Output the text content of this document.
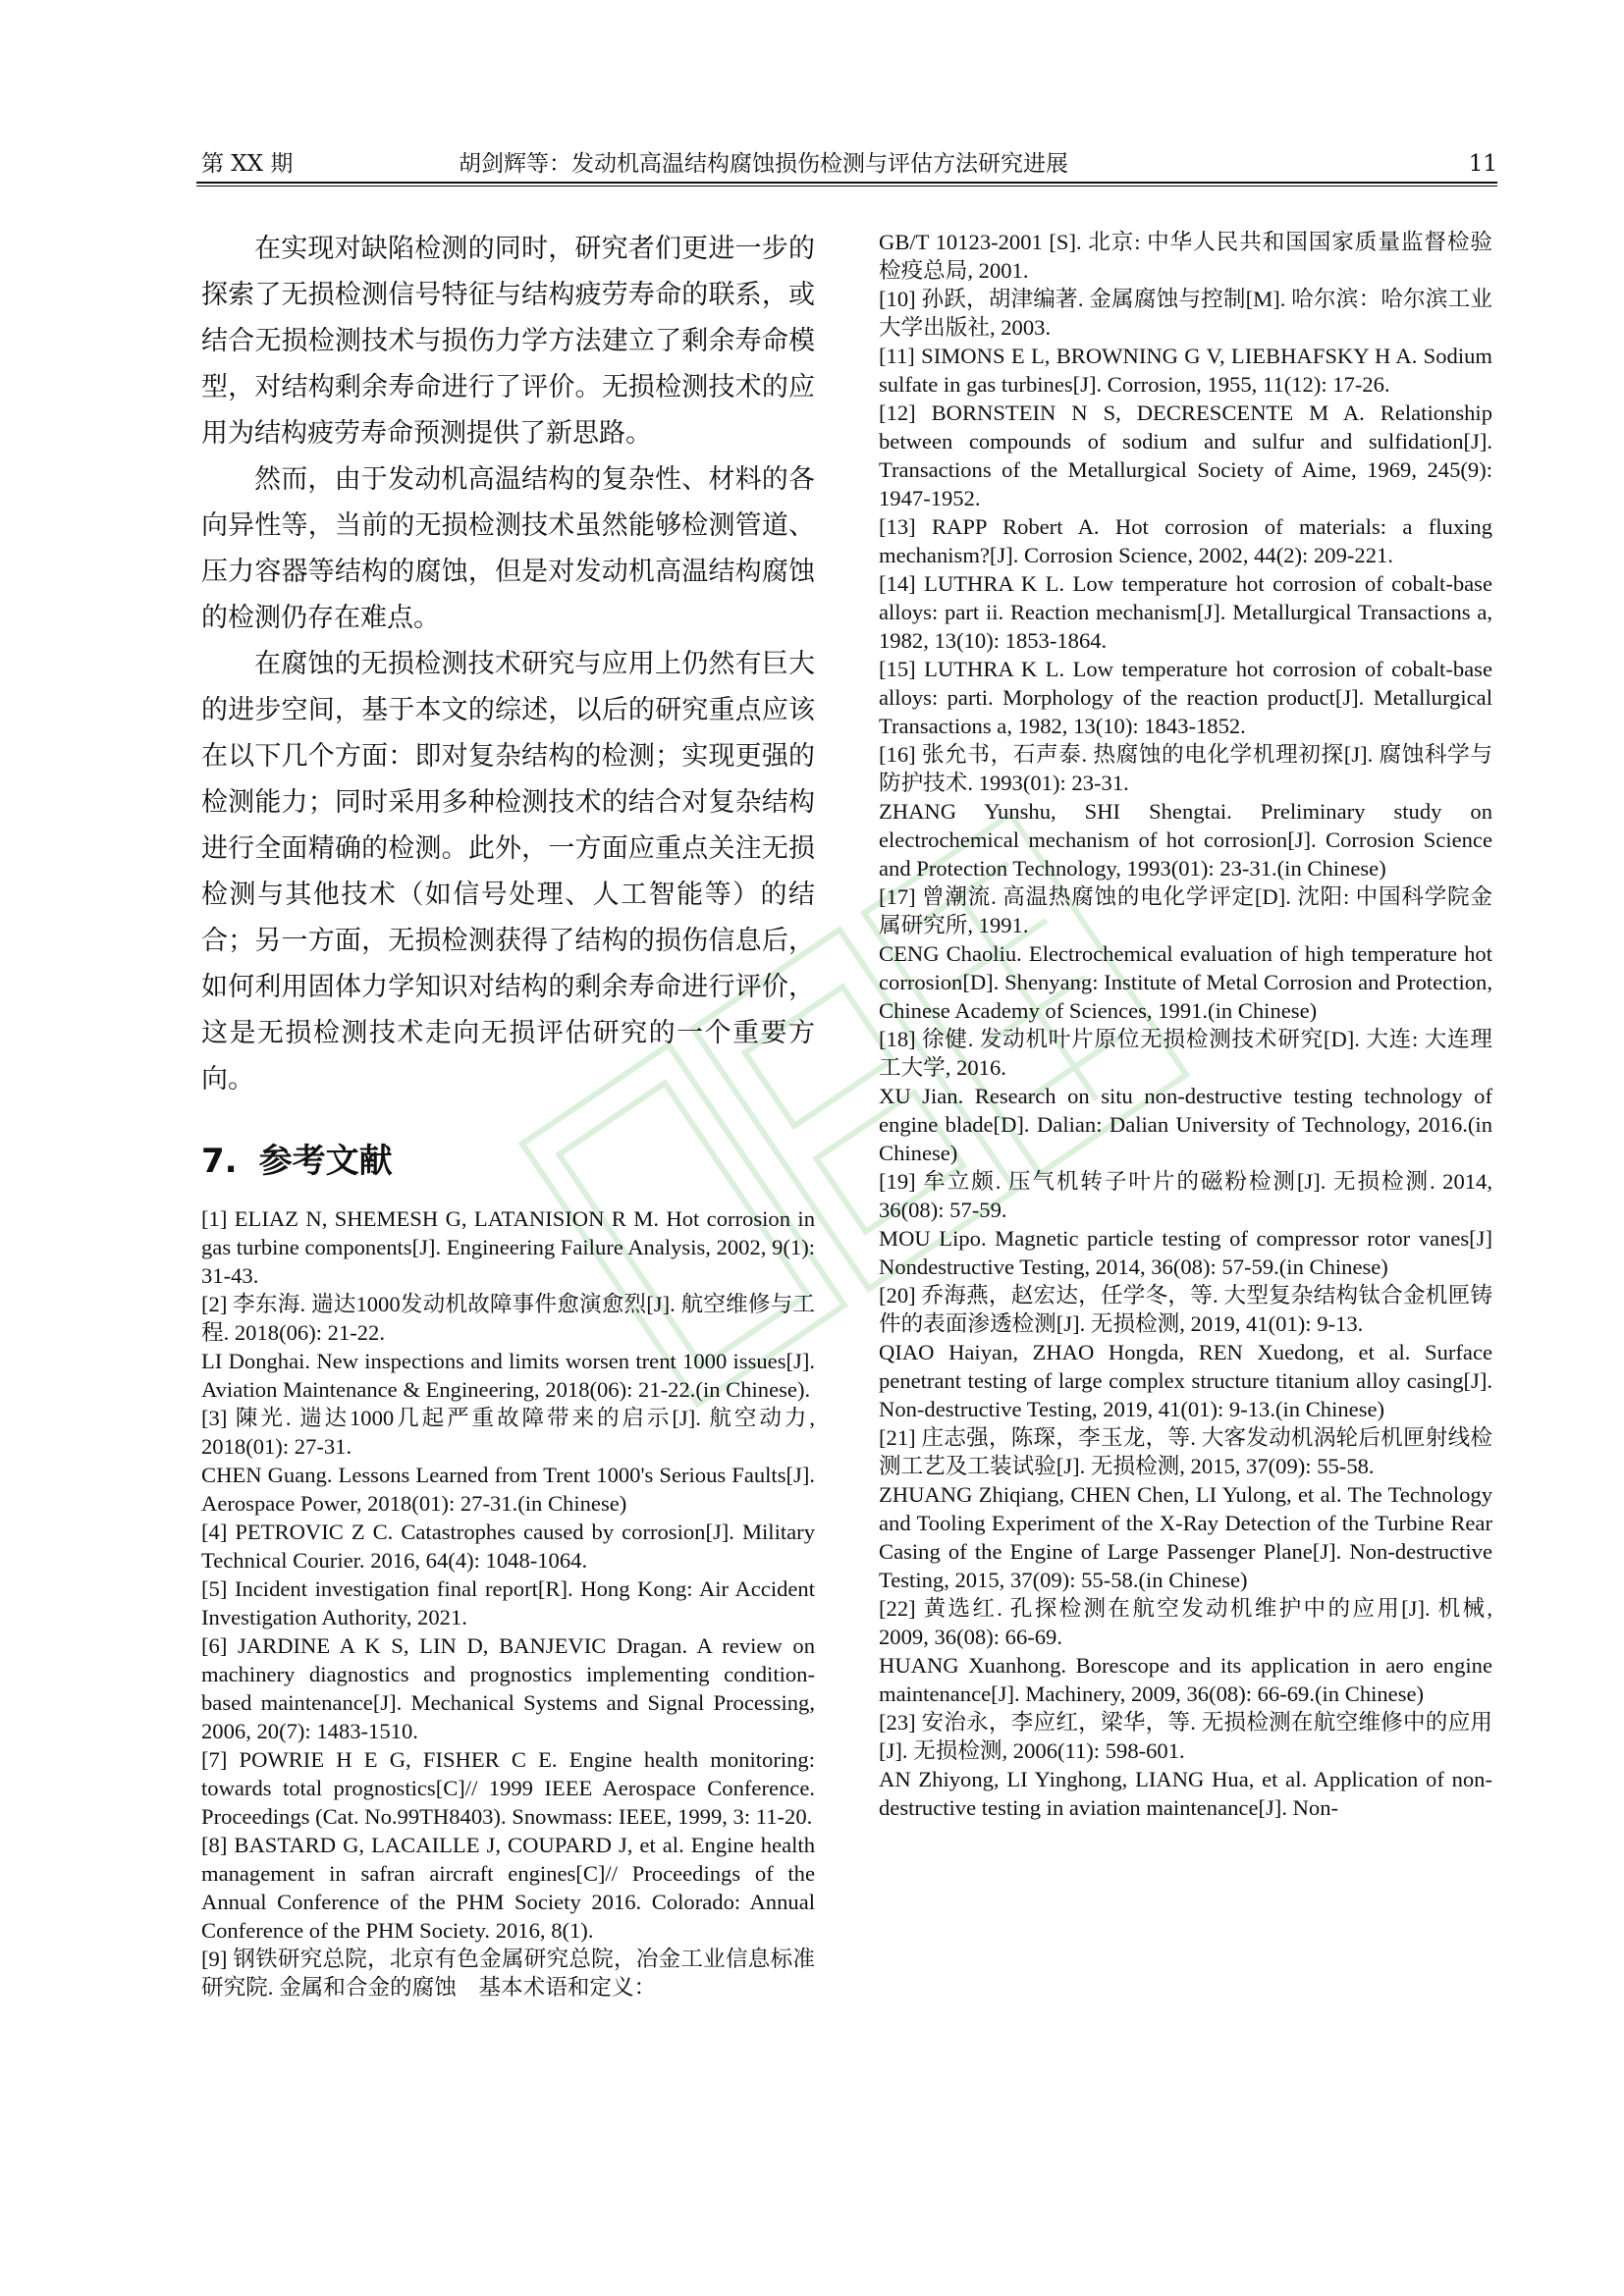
第 XX 期	胡剑辉等：发动机高温结构腐蚀损伤检测与评估方法研究进展	11

在实现对缺陷检测的同时，研究者们更进一步的探索了无损检测信号特征与结构疲劳寿命的联系，或结合无损检测技术与损伤力学方法建立了剩余寿命模型，对结构剩余寿命进行了评价。无损检测技术的应用为结构疲劳寿命预测提供了新思路。

然而，由于发动机高温结构的复杂性、材料的各向异性等，当前的无损检测技术虽然能够检测管道、压力容器等结构的腐蚀，但是对发动机高温结构腐蚀的检测仍存在难点。

在腐蚀的无损检测技术研究与应用上仍然有巨大的进步空间，基于本文的综述，以后的研究重点应该在以下几个方面：即对复杂结构的检测；实现更强的检测能力；同时采用多种检测技术的结合对复杂结构进行全面精确的检测。此外，一方面应重点关注无损检测与其他技术（如信号处理、人工智能等）的结合；另一方面，无损检测获得了结构的损伤信息后，如何利用固体力学知识对结构的剩余寿命进行评价，这是无损检测技术走向无损评估研究的一个重要方向。

7. 参考文献

[1] ELIAZ N, SHEMESH G, LATANISION R M. Hot corrosion in gas turbine components[J]. Engineering Failure Analysis, 2002, 9(1): 31-43.

[2] 李东海. 遄达1000发动机故障事件愈演愈烈[J]. 航空维修与工程. 2018(06): 21-22.

LI Donghai. New inspections and limits worsen trent 1000 issues[J]. Aviation Maintenance & Engineering, 2018(06): 21-22.(in Chinese).

[3] 陳光. 遄达1000几起严重故障带来的启示[J]. 航空动力, 2018(01): 27-31.

CHEN Guang. Lessons Learned from Trent 1000's Serious Faults[J]. Aerospace Power, 2018(01): 27-31.(in Chinese)

[4] PETROVIC Z C. Catastrophes caused by corrosion[J]. Military Technical Courier. 2016, 64(4): 1048-1064.

[5] Incident investigation final report[R]. Hong Kong: Air Accident Investigation Authority, 2021.

[6] JARDINE A K S, LIN D, BANJEVIC Dragan. A review on machinery diagnostics and prognostics implementing condition-based maintenance[J]. Mechanical Systems and Signal Processing, 2006, 20(7): 1483-1510.

[7] POWRIE H E G, FISHER C E. Engine health monitoring: towards total prognostics[C]// 1999 IEEE Aerospace Conference. Proceedings (Cat. No.99TH8403). Snowmass: IEEE, 1999, 3: 11-20.

[8] BASTARD G, LACAILLE J, COUPARD J, et al. Engine health management in safran aircraft engines[C]// Proceedings of the Annual Conference of the PHM Society 2016. Colorado: Annual Conference of the PHM Society. 2016, 8(1).

[9] 钢铁研究总院，北京有色金属研究总院，冶金工业信息标准研究院. 金属和合金的腐蚀　基本术语和定义：

GB/T 10123-2001 [S]. 北京: 中华人民共和国国家质量监督检验检疫总局, 2001.

[10] 孙跃，胡津编著. 金属腐蚀与控制[M]. 哈尔滨：哈尔滨工业大学出版社, 2003.

[11] SIMONS E L, BROWNING G V, LIEBHAFSKY H A. Sodium sulfate in gas turbines[J]. Corrosion, 1955, 11(12): 17-26.

[12] BORNSTEIN N S, DECRESCENTE M A. Relationship between compounds of sodium and sulfur and sulfidation[J]. Transactions of the Metallurgical Society of Aime, 1969, 245(9): 1947-1952.

[13] RAPP Robert A. Hot corrosion of materials: a fluxing mechanism?[J]. Corrosion Science, 2002, 44(2): 209-221.

[14] LUTHRA K L. Low temperature hot corrosion of cobalt-base alloys: part ii. Reaction mechanism[J]. Metallurgical Transactions a, 1982, 13(10): 1853-1864.

[15] LUTHRA K L. Low temperature hot corrosion of cobalt-base alloys: parti. Morphology of the reaction product[J]. Metallurgical Transactions a, 1982, 13(10): 1843-1852.

[16] 张允书，石声泰. 热腐蚀的电化学机理初探[J]. 腐蚀科学与防护技术. 1993(01): 23-31.

ZHANG Yunshu, SHI Shengtai. Preliminary study on electrochemical mechanism of hot corrosion[J]. Corrosion Science and Protection Technology, 1993(01): 23-31.(in Chinese)

[17] 曾潮流. 高温热腐蚀的电化学评定[D]. 沈阳: 中国科学院金属研究所, 1991.

CENG Chaoliu. Electrochemical evaluation of high temperature hot corrosion[D]. Shenyang: Institute of Metal Corrosion and Protection, Chinese Academy of Sciences, 1991.(in Chinese)

[18] 徐健. 发动机叶片原位无损检测技术研究[D]. 大连: 大连理工大学, 2016.

XU Jian. Research on situ non-destructive testing technology of engine blade[D]. Dalian: Dalian University of Technology, 2016.(in Chinese)

[19] 牟立颇. 压气机转子叶片的磁粉检测[J]. 无损检测. 2014, 36(08): 57-59.

MOU Lipo. Magnetic particle testing of compressor rotor vanes[J] Nondestructive Testing, 2014, 36(08): 57-59.(in Chinese)

[20] 乔海燕，赵宏达，任学冬，等. 大型复杂结构钛合金机匣铸件的表面渗透检测[J]. 无损检测, 2019, 41(01): 9-13.

QIAO Haiyan, ZHAO Hongda, REN Xuedong, et al. Surface penetrant testing of large complex structure titanium alloy casing[J]. Non-destructive Testing, 2019, 41(01): 9-13.(in Chinese)

[21] 庄志强，陈琛，李玉龙，等. 大客发动机涡轮后机匣射线检测工艺及工装试验[J]. 无损检测, 2015, 37(09): 55-58.

ZHUANG Zhiqiang, CHEN Chen, LI Yulong, et al. The Technology and Tooling Experiment of the X-Ray Detection of the Turbine Rear Casing of the Engine of Large Passenger Plane[J]. Non-destructive Testing, 2015, 37(09): 55-58.(in Chinese)

[22] 黄选红. 孔探检测在航空发动机维护中的应用[J]. 机械, 2009, 36(08): 66-69.

HUANG Xuanhong. Borescope and its application in aero engine maintenance[J]. Machinery, 2009, 36(08): 66-69.(in Chinese)

[23] 安治永，李应红，梁华，等. 无损检测在航空维修中的应用[J]. 无损检测, 2006(11): 598-601.

AN Zhiyong, LI Yinghong, LIANG Hua, et al. Application of non-destructive testing in aviation maintenance[J]. Non-
